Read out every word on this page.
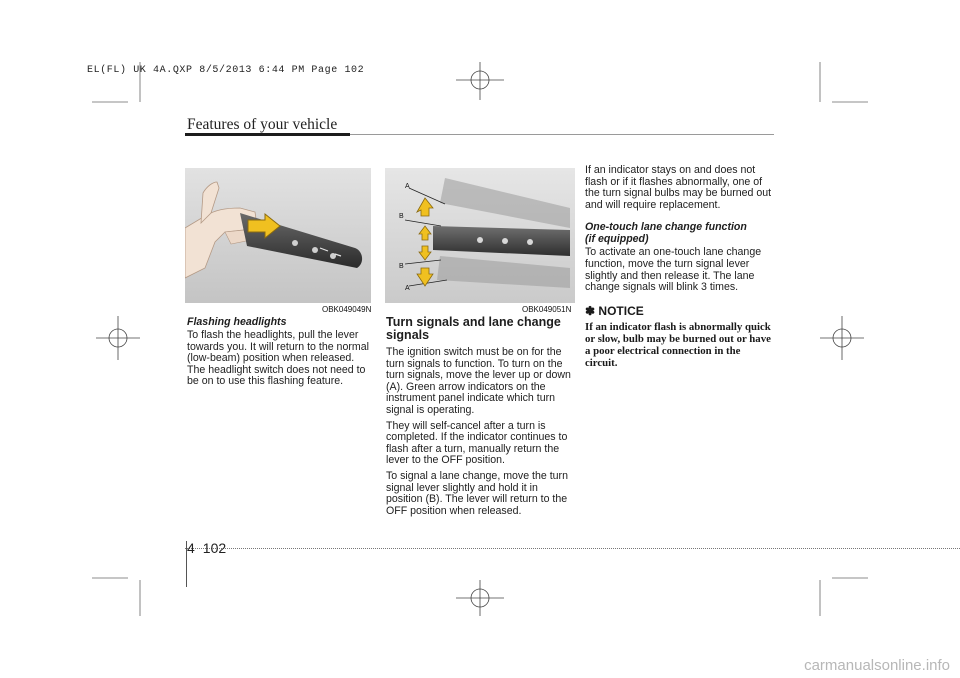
EL(FL) UK 4A.QXP 8/5/2013 6:44 PM Page 102
Features of your vehicle
OBK049049N
A
B
B
A
OBK049051N
Flashing headlights

To flash the headlights, pull the lever towards you. It will return to the normal (low-beam) position when released. The headlight switch does not need to be on to use this flashing feature.

Turn signals and lane change signals

The ignition switch must be on for the turn signals to function. To turn on the turn signals, move the lever up or down (A). Green arrow indicators on the instrument panel indicate which turn signal is operating.

They will self-cancel after a turn is completed. If the indicator continues to flash after a turn, manually return the lever to the OFF position.

To signal a lane change, move the turn signal lever slightly and hold it in position (B). The lever will return to the OFF position when released.

If an indicator stays on and does not flash or if it flashes abnormally, one of the turn signal bulbs may be burned out and will require replacement.

One-touch lane change function
(if equipped)

To activate an one-touch lane change function, move the turn signal lever slightly and then release it. The lane change signals will blink 3 times.

✽ NOTICE
If an indicator flash is abnormally quick or slow, bulb may be burned out or have a poor electrical connection in the circuit.
4 102
carmanualsonline.info
